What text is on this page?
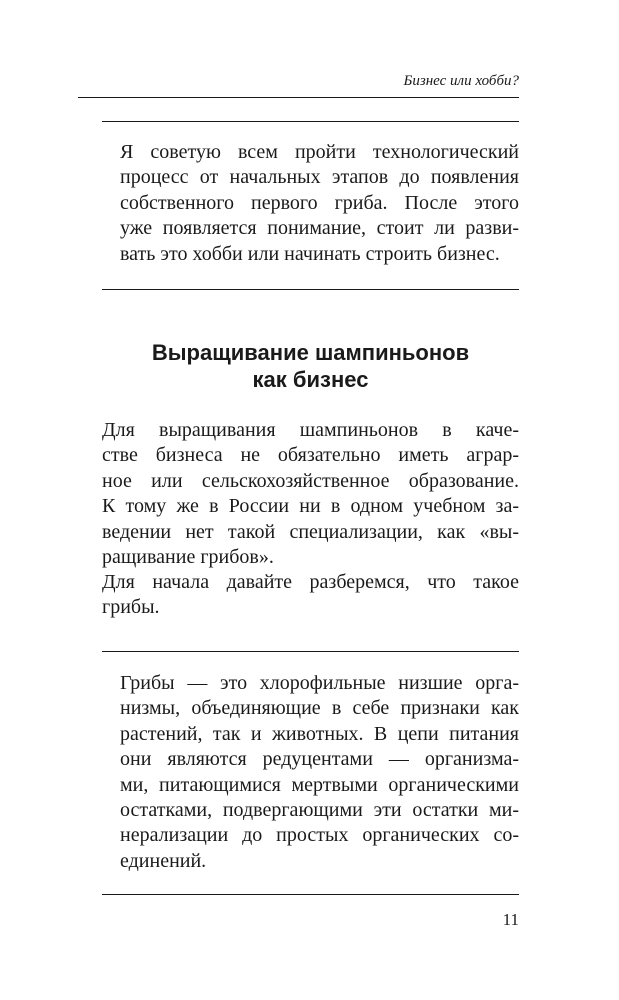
Бизнес или хобби?
Я советую всем пройти технологический
процесс от начальных этапов до появления
собственного первого гриба. После этого
уже появляется понимание, стоит ли разви-
вать это хобби или начинать строить бизнес.
Выращивание шампиньонов
как бизнес
Для выращивания шампиньонов в каче-
стве бизнеса не обязательно иметь аграр-
ное или сельскохозяйственное образование.
К тому же в России ни в одном учебном за-
ведении нет такой специализации, как «вы-
ращивание грибов».
Для начала давайте разберемся, что такое
грибы.
Грибы — это хлорофильные низшие орга-
низмы, объединяющие в себе признаки как
растений, так и животных. В цепи питания
они являются редуцентами — организма-
ми, питающимися мертвыми органическими
остатками, подвергающими эти остатки ми-
нерализации до простых органических со-
единений.
11
